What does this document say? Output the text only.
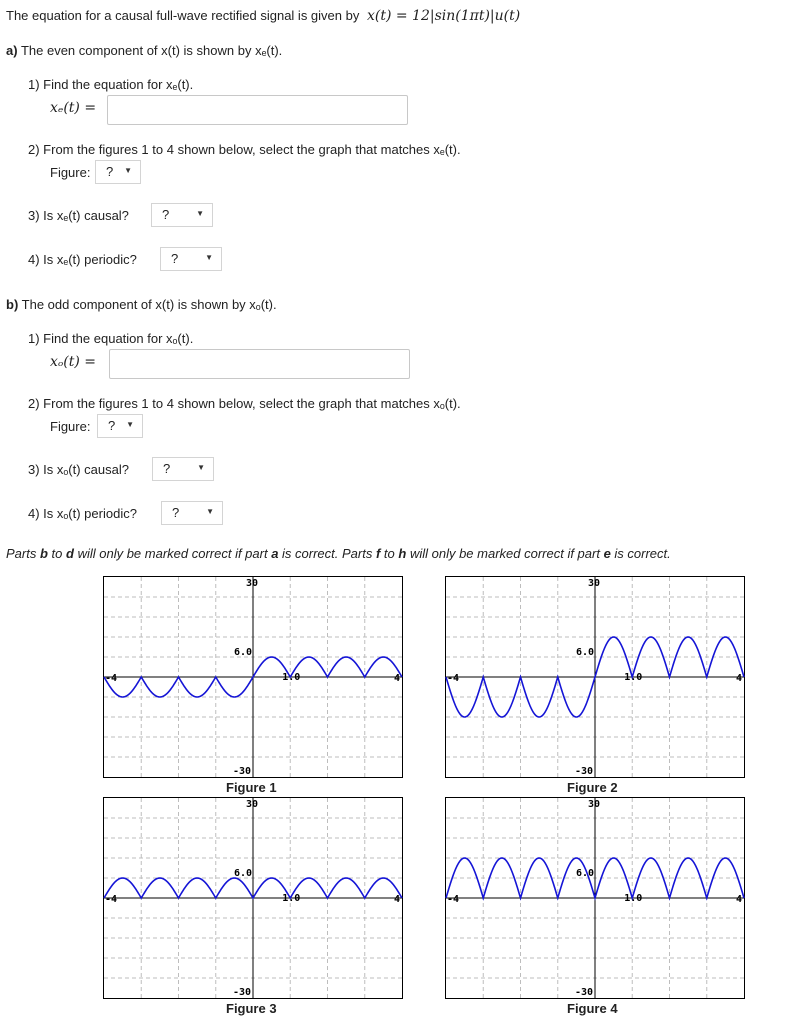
The equation for a causal full-wave rectified signal is given by x(t) = 12|sin(1πt)|u(t)
a) The even component of x(t) is shown by xₑ(t).
1) Find the equation for xₑ(t).
xₑ(t) =
2) From the figures 1 to 4 shown below, select the graph that matches xₑ(t).
Figure: ? ▼
3) Is xₑ(t) causal?	?	▼
4) Is xₑ(t) periodic?	?	▼
b) The odd component of x(t) is shown by xₒ(t).
1) Find the equation for xₒ(t).
xₒ(t) =
2) From the figures 1 to 4 shown below, select the graph that matches xₒ(t).
Figure: ? ▼
3) Is xₒ(t) causal?	?	▼
4) Is xₒ(t) periodic?	?	▼
Parts b to d will only be marked correct if part a is correct. Parts f to h will only be marked correct if part e is correct.
30
-30
-4	4
6.0
1.0
30
-30
-4	4
6.0
1.0
30
-30
-4	4
6.0
1.0
30
-30
-4	4
6.0
1.0
Figure 1	Figure 2
Figure 3	Figure 4
